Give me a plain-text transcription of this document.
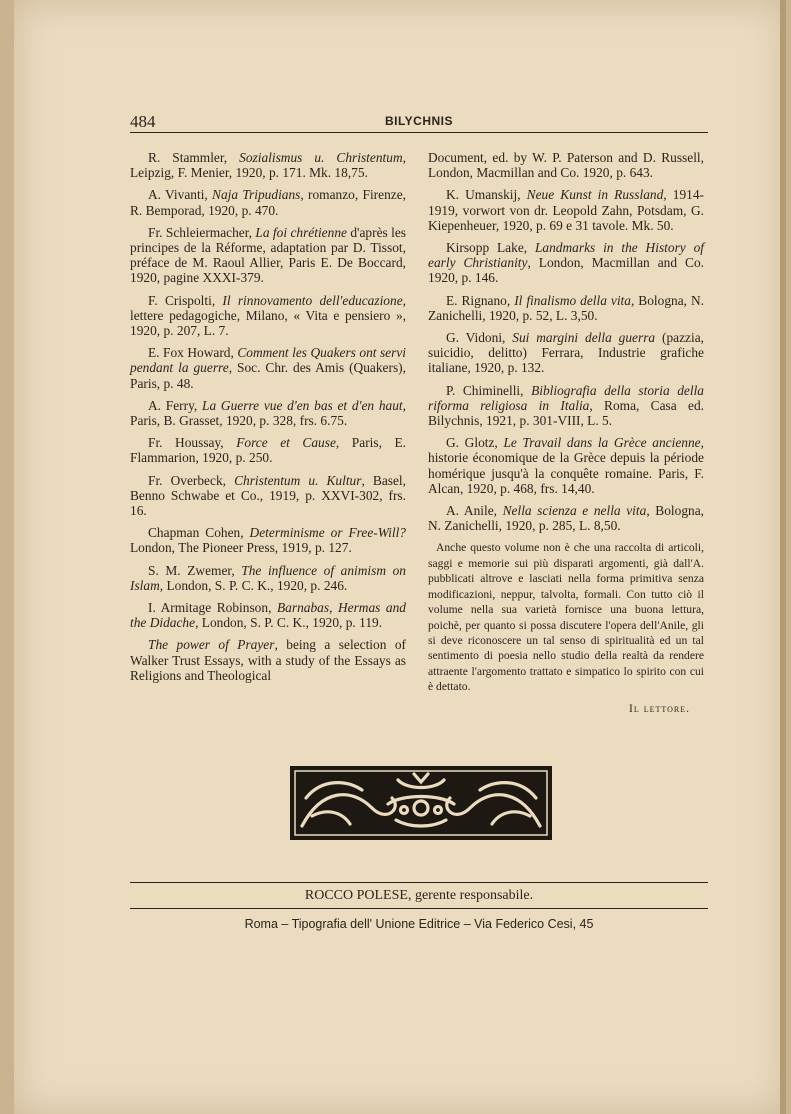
484	BILYCHNIS
R. Stammler, Sozialismus u. Christentum, Leipzig, F. Menier, 1920, p. 171. Mk. 18,75.
A. Vivanti, Naja Tripudians, romanzo, Firenze, R. Bemporad, 1920, p. 470.
Fr. Schleiermacher, La foi chrétienne d'après les principes de la Réforme, adaptation par D. Tissot, préface de M. Raoul Allier, Paris E. De Boccard, 1920, pagine XXXI-379.
F. Crispolti, Il rinnovamento dell'educazione, lettere pedagogiche, Milano, « Vita e pensiero », 1920, p. 207, L. 7.
E. Fox Howard, Comment les Quakers ont servi pendant la guerre, Soc. Chr. des Amis (Quakers), Paris, p. 48.
A. Ferry, La Guerre vue d'en bas et d'en haut, Paris, B. Grasset, 1920, p. 328, frs. 6.75.
Fr. Houssay, Force et Cause, Paris, E. Flammarion, 1920, p. 250.
Fr. Overbeck, Christentum u. Kultur, Basel, Benno Schwabe et Co., 1919, p. XXVI-302, frs. 16.
Chapman Cohen, Determinisme or Free-Will? London, The Pioneer Press, 1919, p. 127.
S. M. Zwemer, The influence of animism on Islam, London, S. P. C. K., 1920, p. 246.
I. Armitage Robinson, Barnabas, Hermas and the Didache, London, S. P. C. K., 1920, p. 119.
The power of Prayer, being a selection of Walker Trust Essays, with a study of the Essays as Religions and Theological
Document, ed. by W. P. Paterson and D. Russell, London, Macmillan and Co. 1920, p. 643.
K. Umanskij, Neue Kunst in Russland, 1914-1919, vorwort von dr. Leopold Zahn, Potsdam, G. Kiepenheuer, 1920, p. 69 e 31 tavole. Mk. 50.
Kirsopp Lake, Landmarks in the History of early Christianity, London, Macmillan and Co. 1920, p. 146.
E. Rignano, Il finalismo della vita, Bologna, N. Zanichelli, 1920, p. 52, L. 3,50.
G. Vidoni, Sui margini della guerra (pazzia, suicidio, delitto) Ferrara, Industrie grafiche italiane, 1920, p. 132.
P. Chiminelli, Bibliografia della storia della riforma religiosa in Italia, Roma, Casa ed. Bilychnis, 1921, p. 301-VIII, L. 5.
G. Glotz, Le Travail dans la Grèce ancienne, historie économique de la Grèce depuis la période homérique jusqu'à la conquête romaine. Paris, F. Alcan, 1920, p. 468, frs. 14,40.
A. Anile, Nella scienza e nella vita, Bologna, N. Zanichelli, 1920, p. 285, L. 8,50.
Anche questo volume non è che una raccolta di articoli, saggi e memorie sui più disparati argomenti, già dall'A. pubblicati altrove e lasciati nella forma primitiva senza modificazioni, neppur, talvolta, formali. Con tutto ciò il volume nella sua varietà fornisce una buona lettura, poichè, per quanto si possa discutere l'opera dell'Anile, gli si deve riconoscere un tal senso di spiritualità ed un tal sentimento di poesia nello studio della realtà da rendere attraente l'argomento trattato e simpatico lo spirito con cui è dettato.
Il lettore.
ROCCO POLESE, gerente responsabile.
Roma – Tipografia dell' Unione Editrice – Via Federico Cesi, 45
